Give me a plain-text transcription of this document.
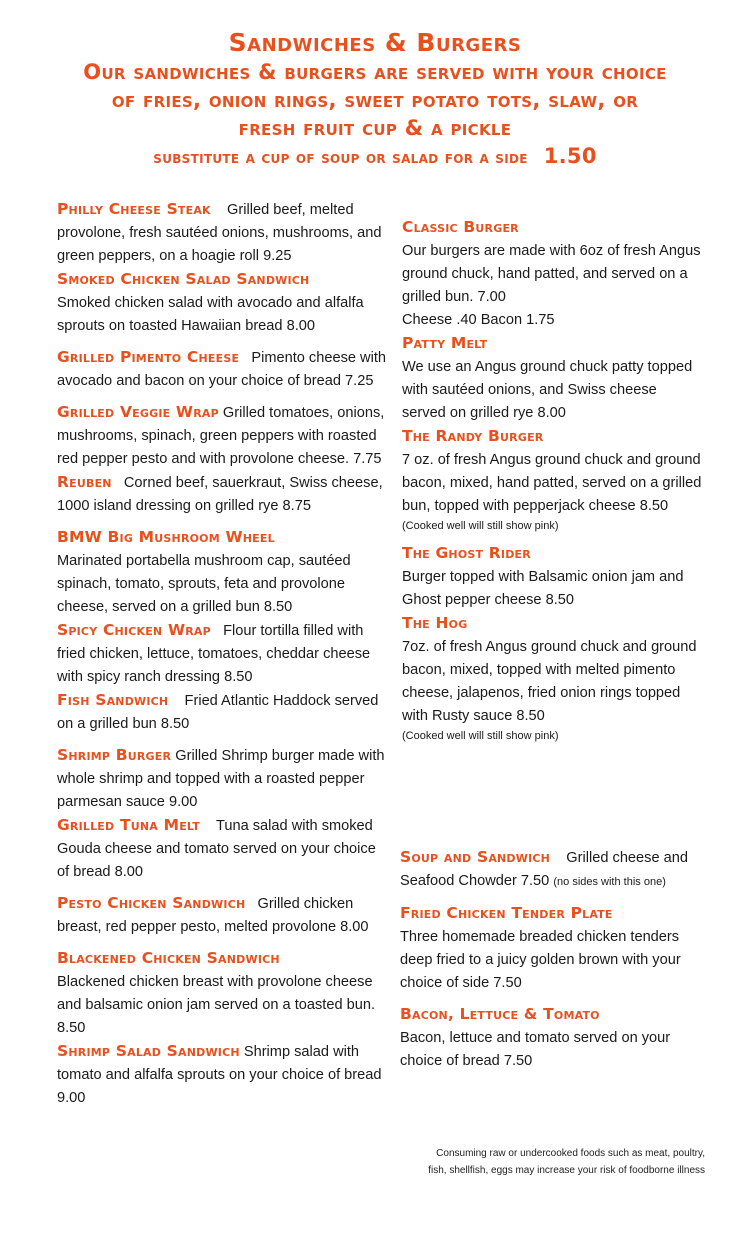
Sandwiches & Burgers
Our sandwiches & burgers are served with your choice
of fries, onion rings, sweet potato tots, slaw, or
fresh fruit cup & a pickle
substitute a cup of soup or salad for a side 1.50
Philly Cheese Steak Grilled beef, melted provolone, fresh sautéed onions, mushrooms, and green peppers, on a hoagie roll 9.25
Smoked Chicken Salad Sandwich
Smoked chicken salad with avocado and alfalfa sprouts on toasted Hawaiian bread 8.00
Grilled Pimento Cheese Pimento cheese with avocado and bacon on your choice of bread 7.25
Grilled Veggie Wrap Grilled tomatoes, onions, mushrooms, spinach, green peppers with roasted red pepper pesto and with provolone cheese. 7.75
Reuben Corned beef, sauerkraut, Swiss cheese, 1000 island dressing on grilled rye 8.75
BMW Big Mushroom Wheel
Marinated portabella mushroom cap, sautéed spinach, tomato, sprouts, feta and provolone cheese, served on a grilled bun 8.50
Spicy Chicken Wrap Flour tortilla filled with fried chicken, lettuce, tomatoes, cheddar cheese with spicy ranch dressing 8.50
Fish Sandwich Fried Atlantic Haddock served on a grilled bun 8.50
Shrimp Burger Grilled Shrimp burger made with whole shrimp and topped with a roasted pepper parmesan sauce 9.00
Grilled Tuna Melt Tuna salad with smoked Gouda cheese and tomato served on your choice of bread 8.00
Pesto Chicken Sandwich Grilled chicken breast, red pepper pesto, melted provolone 8.00
Blackened Chicken Sandwich
Blackened chicken breast with provolone cheese and balsamic onion jam served on a toasted bun. 8.50
Shrimp Salad Sandwich Shrimp salad with tomato and alfalfa sprouts on your choice of bread 9.00
Classic Burger
Our burgers are made with 6oz of fresh Angus ground chuck, hand patted, and served on a grilled bun. 7.00
Cheese .40 Bacon 1.75
Patty Melt
We use an Angus ground chuck patty topped with sautéed onions, and Swiss cheese served on grilled rye 8.00
The Randy Burger
7 oz. of fresh Angus ground chuck and ground bacon, mixed, hand patted, served on a grilled bun, topped with pepperjack cheese 8.50
(Cooked well will still show pink)
The Ghost Rider
Burger topped with Balsamic onion jam and Ghost pepper cheese 8.50
The Hog
7oz. of fresh Angus ground chuck and ground bacon, mixed, topped with melted pimento cheese, jalapenos, fried onion rings topped with Rusty sauce 8.50
(Cooked well will still show pink)
Soup and Sandwich Grilled cheese and Seafood Chowder 7.50 (no sides with this one)
Fried Chicken Tender Plate
Three homemade breaded chicken tenders deep fried to a juicy golden brown with your choice of side 7.50
Bacon, Lettuce & Tomato
Bacon, lettuce and tomato served on your choice of bread 7.50
Consuming raw or undercooked foods such as meat, poultry,
fish, shellfish, eggs may increase your risk of foodborne illness
